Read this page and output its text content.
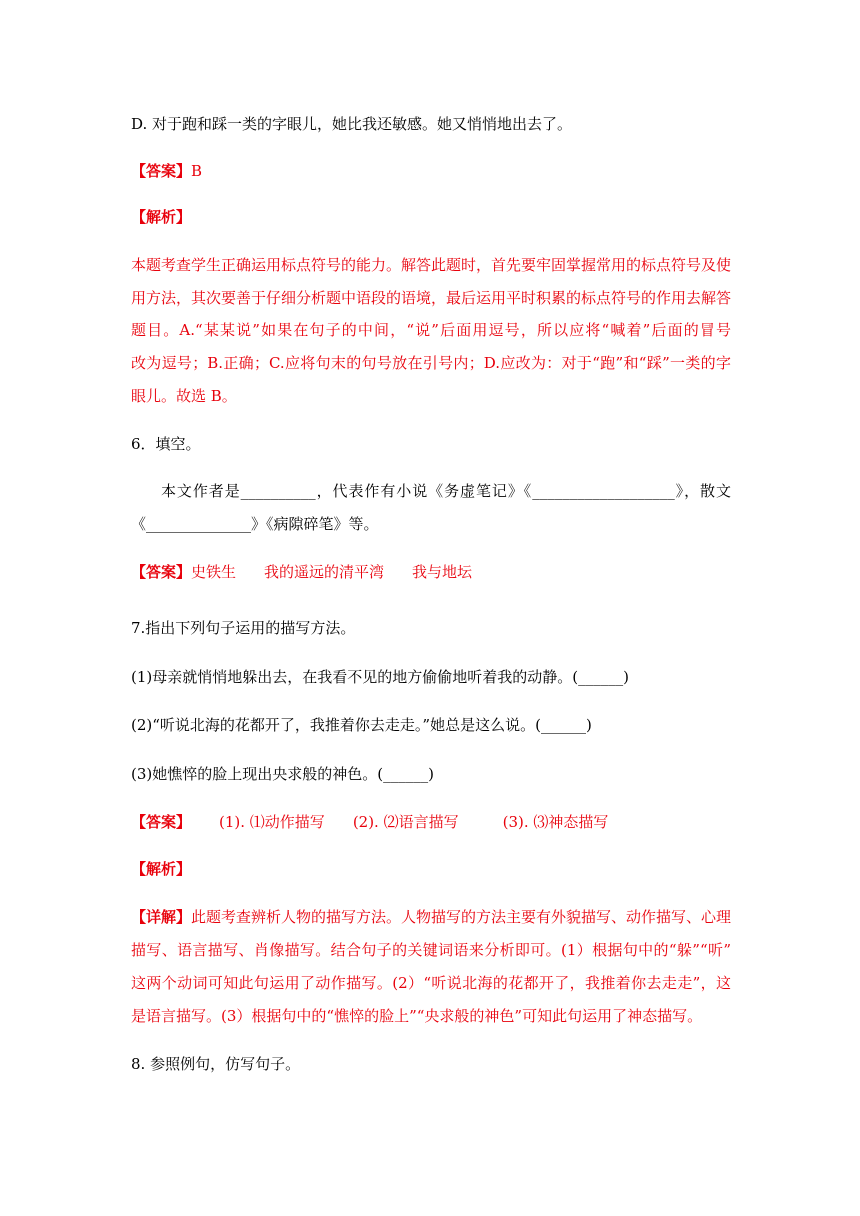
D. 对于跑和踩一类的字眼儿，她比我还敏感。她又悄悄地出去了。
【答案】B
【解析】
本题考查学生正确运用标点符号的能力。解答此题时，首先要牢固掌握常用的标点符号及使
用方法，其次要善于仔细分析题中语段的语境，最后运用平时积累的标点符号的作用去解答
题目。A.“某某说”如果在句子的中间，“说”后面用逗号，所以应将“喊着”后面的冒号
改为逗号；B.正确；C.应将句末的句号放在引号内；D.应改为：对于“跑”和“踩”一类的字
眼儿。故选 B。
6．填空。
本文作者是__________，代表作有小说《务虚笔记》《___________________》，散文
《______________》《病隙碎笔》等。
【答案】史铁生 我的遥远的清平湾 我与地坛
7.指出下列句子运用的描写方法。
(1)母亲就悄悄地躲出去，在我看不见的地方偷偷地听着我的动静。(______)
(2)“听说北海的花都开了，我推着你去走走。”她总是这么说。(______)
(3)她憔悴的脸上现出央求般的神色。(______)
【答案】 (1). ⑴动作描写 (2). ⑵语言描写	(3). ⑶神态描写
【解析】
【详解】此题考查辨析人物的描写方法。人物描写的方法主要有外貌描写、动作描写、心理
描写、语言描写、肖像描写。结合句子的关键词语来分析即可。(1）根据句中的“躲”“听”
这两个动词可知此句运用了动作描写。(2）“听说北海的花都开了，我推着你去走走”，这
是语言描写。(3）根据句中的“憔悴的脸上”“央求般的神色”可知此句运用了神态描写。
8. 参照例句，仿写句子。
